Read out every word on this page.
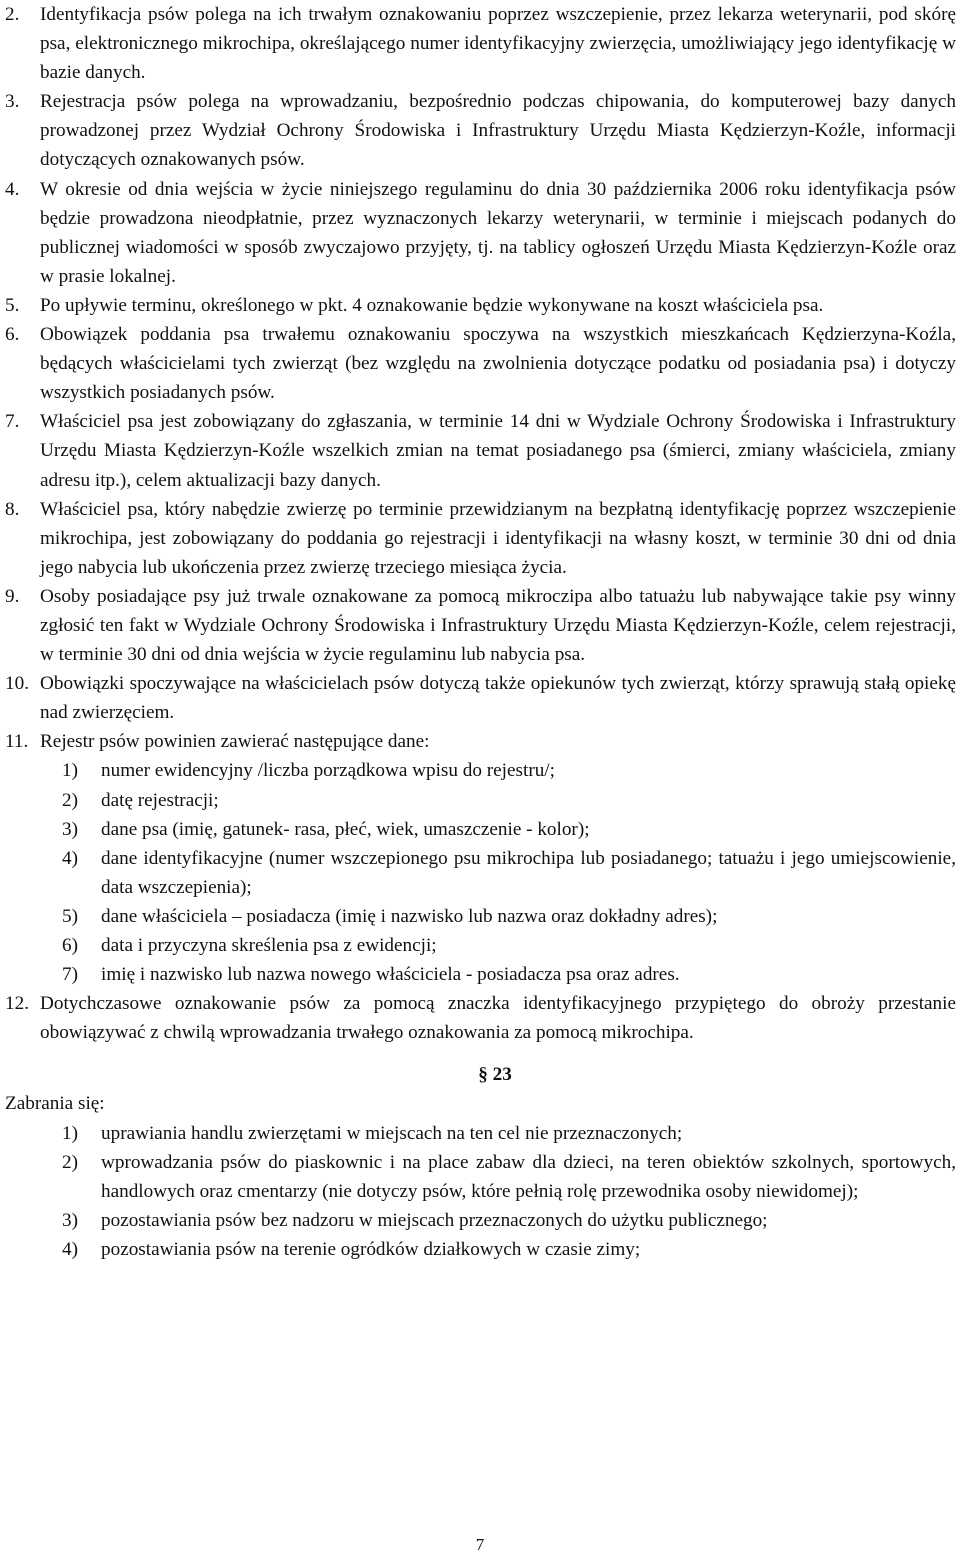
2. Identyfikacja psów polega na ich trwałym oznakowaniu poprzez wszczepienie, przez lekarza weterynarii, pod skórę psa, elektronicznego mikrochipa, określającego numer identyfikacyjny zwierzęcia, umożliwiający jego identyfikację w bazie danych.
3. Rejestracja psów polega na wprowadzaniu, bezpośrednio podczas chipowania, do komputerowej bazy danych prowadzonej przez Wydział Ochrony Środowiska i Infrastruktury Urzędu Miasta Kędzierzyn-Koźle, informacji dotyczących oznakowanych psów.
4. W okresie od dnia wejścia w życie niniejszego regulaminu do dnia 30 października 2006 roku identyfikacja psów będzie prowadzona nieodpłatnie, przez wyznaczonych lekarzy weterynarii, w terminie i miejscach podanych do publicznej wiadomości w sposób zwyczajowo przyjęty, tj. na tablicy ogłoszeń Urzędu Miasta Kędzierzyn-Koźle oraz w prasie lokalnej.
5. Po upływie terminu, określonego w pkt. 4 oznakowanie będzie wykonywane na koszt właściciela psa.
6. Obowiązek poddania psa trwałemu oznakowaniu spoczywa na wszystkich mieszkańcach Kędzierzyna-Koźla, będących właścicielami tych zwierząt (bez względu na zwolnienia dotyczące podatku od posiadania psa) i dotyczy wszystkich posiadanych psów.
7. Właściciel psa jest zobowiązany do zgłaszania, w terminie 14 dni w Wydziale Ochrony Środowiska i Infrastruktury Urzędu Miasta Kędzierzyn-Koźle wszelkich zmian na temat posiadanego psa (śmierci, zmiany właściciela, zmiany adresu itp.), celem aktualizacji bazy danych.
8. Właściciel psa, który nabędzie zwierzę po terminie przewidzianym na bezpłatną identyfikację poprzez wszczepienie mikrochipa, jest zobowiązany do poddania go rejestracji i identyfikacji na własny koszt, w terminie 30 dni od dnia jego nabycia lub ukończenia przez zwierzę trzeciego miesiąca życia.
9. Osoby posiadające psy już trwale oznakowane za pomocą mikroczipa albo tatuażu lub nabywające takie psy winny zgłosić ten fakt w Wydziale Ochrony Środowiska i Infrastruktury Urzędu Miasta Kędzierzyn-Koźle, celem rejestracji, w terminie 30 dni od dnia wejścia w życie regulaminu lub nabycia psa.
10. Obowiązki spoczywające na właścicielach psów dotyczą także opiekunów tych zwierząt, którzy sprawują stałą opiekę nad zwierzęciem.
11. Rejestr psów powinien zawierać następujące dane:
1) numer ewidencyjny /liczba porządkowa wpisu do rejestru/;
2) datę rejestracji;
3) dane psa (imię, gatunek- rasa, płeć, wiek, umaszczenie - kolor);
4) dane identyfikacyjne (numer wszczepionego psu mikrochipa lub posiadanego; tatuażu i jego umiejscowienie, data wszczepienia);
5) dane właściciela – posiadacza (imię i nazwisko lub nazwa oraz dokładny adres);
6) data i przyczyna skreślenia psa z ewidencji;
7) imię i nazwisko lub nazwa nowego właściciela - posiadacza psa oraz adres.
12. Dotychczasowe oznakowanie psów za pomocą znaczka identyfikacyjnego przypiętego do obroży przestanie obowiązywać z chwilą wprowadzania trwałego oznakowania za pomocą mikrochipa.
§ 23
Zabrania się:
1) uprawiania handlu zwierzętami w miejscach na ten cel nie przeznaczonych;
2) wprowadzania psów do piaskownic i na place zabaw dla dzieci, na teren obiektów szkolnych, sportowych, handlowych oraz cmentarzy (nie dotyczy psów, które pełnią rolę przewodnika osoby niewidomej);
3) pozostawiania psów bez nadzoru w miejscach przeznaczonych do użytku publicznego;
4) pozostawiania psów na terenie ogródków działkowych w czasie zimy;
7
